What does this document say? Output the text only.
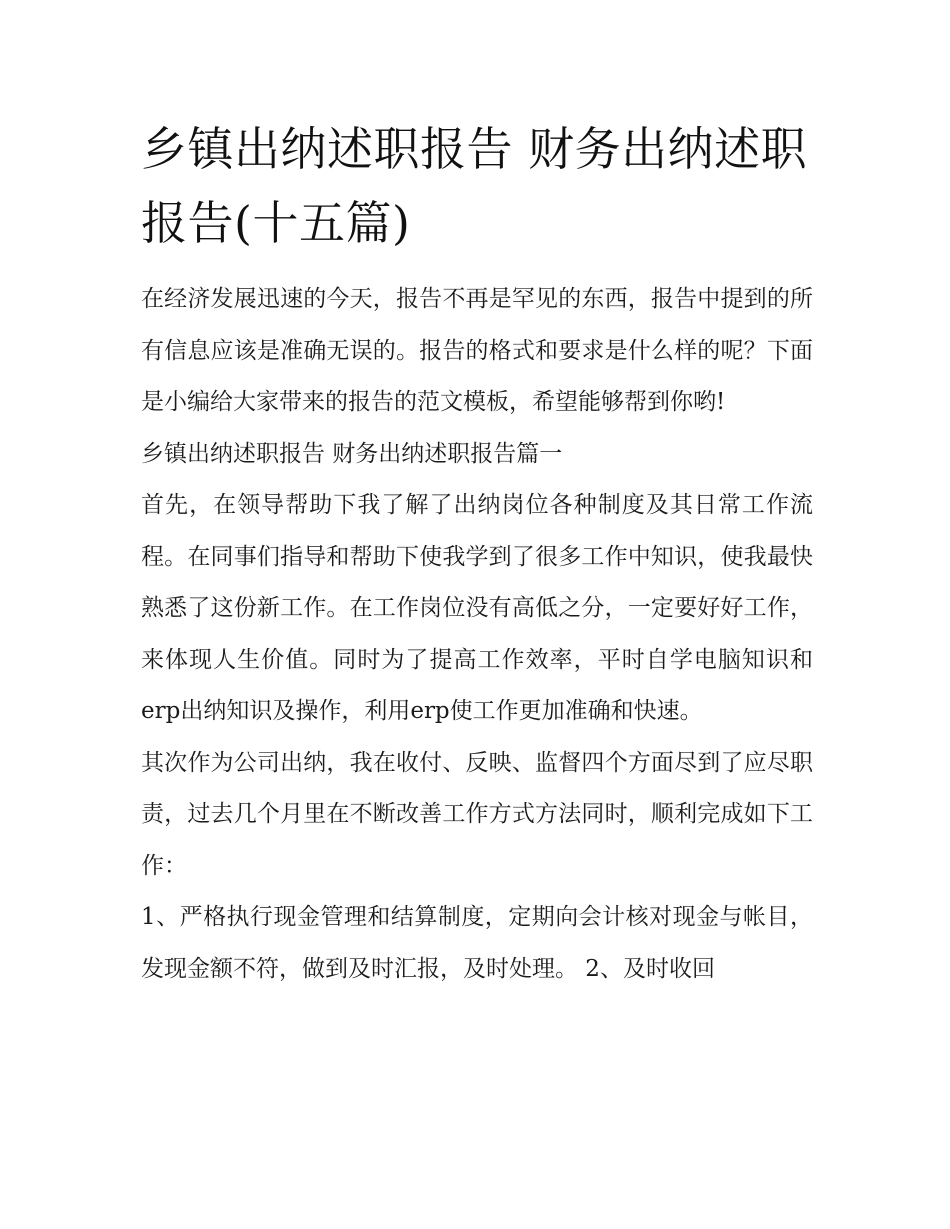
乡镇出纳述职报告 财务出纳述职报告(十五篇)

在经济发展迅速的今天，报告不再是罕见的东西，报告中提到的所有信息应该是准确无误的。报告的格式和要求是什么样的呢？下面是小编给大家带来的报告的范文模板，希望能够帮到你哟!

乡镇出纳述职报告 财务出纳述职报告篇一

首先，在领导帮助下我了解了出纳岗位各种制度及其日常工作流程。在同事们指导和帮助下使我学到了很多工作中知识，使我最快熟悉了这份新工作。在工作岗位没有高低之分，一定要好好工作，来体现人生价值。同时为了提高工作效率，平时自学电脑知识和erp出纳知识及操作，利用erp使工作更加准确和快速。

其次作为公司出纳，我在收付、反映、监督四个方面尽到了应尽职责，过去几个月里在不断改善工作方式方法同时，顺利完成如下工作：

1、严格执行现金管理和结算制度，定期向会计核对现金与帐目，发现金额不符，做到及时汇报，及时处理。 2、及时收回
